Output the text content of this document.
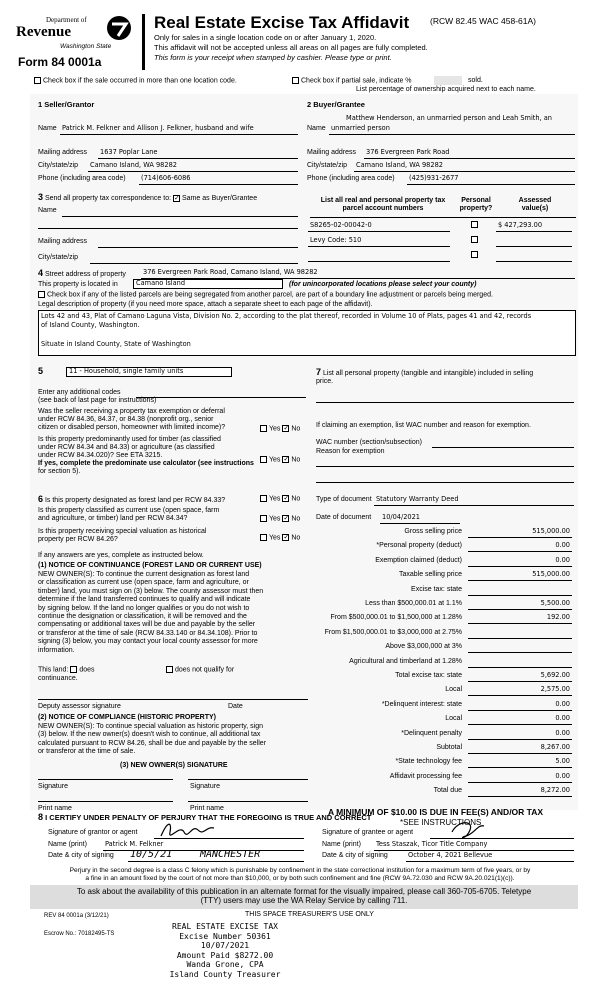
Department of
Revenue
Washington State
Form 84 0001a
Real Estate Excise Tax Affidavit (RCW 82.45 WAC 458-61A)
Only for sales in a single location code on or after January 1, 2020.
This affidavit will not be accepted unless all areas on all pages are fully completed.
This form is your receipt when stamped by cashier. Please type or print.
Check box if the sale occurred in more than one location code.	Check box if partial sale, indicate %	sold.
List percentage of ownership acquired next to each name.
1 Seller/Grantor
Name Patrick M. Felkner and Allison J. Felkner, husband and wife
Mailing address 1637 Poplar Lane
City/state/zip Camano Island, WA 98282
Phone (including area code) (714)606-6086
2 Buyer/Grantee
Matthew Henderson, an unmarried person and Leah Smith, an
Name unmarried person
Mailing address 376 Evergreen Park Road
City/state/zip Camano Island, WA 98282
Phone (including area code) (425)931-2677
3 Send all property tax correspondence to: ✓ Same as Buyer/Grantee
Name
Mailing address
City/state/zip
List all real and personal property tax
parcel account numbers
Personal
property?
Assessed
value(s)
S8265-02-00042-0	$ 427,293.00
Levy Code: 510
4 Street address of property	376 Evergreen Park Road, Camano Island, WA 98282
This property is located in	Camano Island	(for unincorporated locations please select your county)
Check box if any of the listed parcels are being segregated from another parcel, are part of a boundary line adjustment or parcels being merged.
Legal description of property (if you need more space, attach a separate sheet to each page of the affidavit).
Lots 42 and 43, Plat of Camano Laguna Vista, Division No. 2, according to the plat thereof, recorded in Volume 10 of Plats, pages 41 and 42, records
of Island County, Washington.
Situate in Island County, State of Washington
5	11 - Household, single family units
Enter any additional codes
(see back of last page for instructions)
Was the seller receiving a property tax exemption or deferral
under RCW 84.36, 84.37, or 84.38 (nonprofit org., senior
citizen or disabled person, homeowner with limited income)?	Yes ✓ No
Is this property predominantly used for timber (as classified
under RCW 84.34 and 84.33) or agriculture (as classified
under RCW 84.34.020)? See ETA 3215.
If yes, complete the predominate use calculator (see instructions
for section 5).
Yes ✓ No
6 Is this property designated as forest land per RCW 84.33?	Yes ✓ No
Is this property classified as current use (open space, farm
and agriculture, or timber) land per RCW 84.34?	Yes ✓ No
Is this property receiving special valuation as historical
property per RCW 84.26?	Yes ✓ No
If any answers are yes, complete as instructed below.
(1) NOTICE OF CONTINUANCE (FOREST LAND OR CURRENT USE)
NEW OWNER(S): To continue the current designation as forest land
or classification as current use (open space, farm and agriculture, or
timber) land, you must sign on (3) below. The county assessor must then
determine if the land transferred continues to qualify and will indicate
by signing below. If the land no longer qualifies or you do not wish to
continue the designation or classification, it will be removed and the
compensating or additional taxes will be due and payable by the seller
or transferor at the time of sale (RCW 84.33.140 or 84.34.108). Prior to
signing (3) below, you may contact your local county assessor for more
information.
This land: does	does not qualify for
continuance.
Deputy assessor signature	Date
(2) NOTICE OF COMPLIANCE (HISTORIC PROPERTY)
NEW OWNER(S): To continue special valuation as historic property, sign
(3) below. If the new owner(s) doesn't wish to continue, all additional tax
calculated pursuant to RCW 84.26, shall be due and payable by the seller
or transferor at the time of sale.
(3) NEW OWNER(S) SIGNATURE
Signature	Signature
Print name	Print name
7 List all personal property (tangible and intangible) included in selling
price.
If claiming an exemption, list WAC number and reason for exemption.
WAC number (section/subsection)
Reason for exemption
Type of document Statutory Warranty Deed
Date of document 10/04/2021
Gross selling price	515,000.00
*Personal property (deduct)	0.00
Exemption claimed (deduct)	0.00
Taxable selling price	515,000.00
Excise tax: state
Less than $500,000.01 at 1.1%	5,500.00
From $500,000.01 to $1,500,000 at 1.28%	192.00
From $1,500,000.01 to $3,000,000 at 2.75%
Above $3,000,000 at 3%
Agricultural and timberland at 1.28%
Total excise tax: state	5,692.00
Local	2,575.00
*Delinquent interest: state	0.00
Local	0.00
*Delinquent penalty	0.00
Subtotal	8,267.00
*State technology fee	5.00
Affidavit processing fee	0.00
Total due	8,272.00
A MINIMUM OF $10.00 IS DUE IN FEE(S) AND/OR TAX
*SEE INSTRUCTIONS
8 I CERTIFY UNDER PENALTY OF PERJURY THAT THE FOREGOING IS TRUE AND CORRECT
Signature of grantor or agent
Name (print)	Patrick M. Felkner
Date & city of signing 10/5/21	MANCHESTER
Signature of grantee or agent
Name (print) Tess Staszak, Ticor Title Company
Date & city of signing	October 4, 2021 Bellevue
Perjury in the second degree is a class C felony which is punishable by confinement in the state correctional institution for a maximum term of five years, or by
a fine in an amount fixed by the court of not more than $10,000, or by both such confinement and fine (RCW 9A.72.030 and RCW 9A.20.021(1)(c)).
To ask about the availability of this publication in an alternate format for the visually impaired, please call 360-705-6705. Teletype
(TTY) users may use the WA Relay Service by calling 711.
REV 84 0001a (3/12/21)	THIS SPACE TREASURER'S USE ONLY
Escrow No.: 70182495-TS
REAL ESTATE EXCISE TAX
Excise Number 50361
10/07/2021
Amount Paid $8272.00
Wanda Grone, CPA
Island County Treasurer
